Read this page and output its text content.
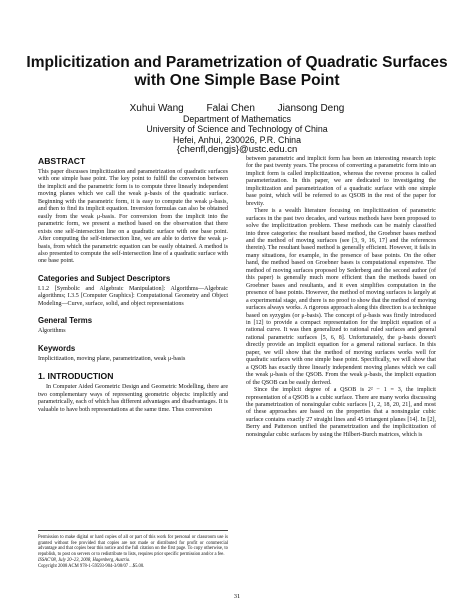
Implicitization and Parametrization of Quadratic Surfaces
with One Simple Base Point
Xuhui Wang Falai Chen Jiansong Deng
Department of Mathematics
University of Science and Technology of China
Hefei, Anhui, 230026, P.R. China
{chenfl,dengjs}@ustc.edu.cn
ABSTRACT

This paper discusses implicitization and parametrization of quadratic surfaces with one simple base point. The key point to fulfill the conversion between the implicit and the parametric form is to compute three linearly independent moving planes which we call the weak μ-basis of the quadratic surface. Beginning with the parametric form, it is easy to compute the weak μ-basis, and then to find its implicit equation. Inversion formulas can also be obtained easily from the weak μ-basis. For conversion from the implicit into the parametric form, we present a method based on the observation that there exists one self-intersection line on a quadratic surface with one base point. After computing the self-intersection line, we are able to derive the weak μ-basis, from which the parametric equation can be easily obtained. A method is also presented to compute the self-intersection line of a quadratic surface with one base point.

Categories and Subject Descriptors

I.1.2 [Symbolic and Algebraic Manipulation]: Algorithms—Algebraic algorithms; I.3.5 [Computer Graphics]: Computational Geometry and Object Modeling—Curve, surface, solid, and object representations

General Terms

Algorithms

Keywords

Implicitization, moving plane, parametrization, weak μ-basis

1. INTRODUCTION

In Computer Aided Geometric Design and Geometric Modelling, there are two complementary ways of representing geometric objects: implicitly and parametrically, each of which has different advantages and disadvantages. It is valuable to have both representations at the same time. Thus conversion

Permission to make digital or hard copies of all or part of this work for personal or classroom use is granted without fee provided that copies are not made or distributed for profit or commercial advantage and that copies bear this notice and the full citation on the first page. To copy otherwise, to republish, to post on servers or to redistribute to lists, requires prior specific permission and/or a fee.

ISSAC'08, July 20–23, 2008, Hagenberg, Austria.

Copyright 2008 ACM 978-1-59593-904-3/08/07 ...$5.00.

between parametric and implicit form has been an interesting research topic for the past twenty years. The process of converting a parametric form into an implicit form is called implicitization, whereas the reverse process is called parameterization. In this paper, we are dedicated to investigating the implicitization and parametrization of a quadratic surface with one simple base point, which will be referred to as QSOB in the rest of the paper for brevity.

There is a wealth literature focusing on implicitization of parametric surfaces in the past two decades, and various methods have been proposed to solve the implicitization problem. These methods can be mainly classified into three categories: the resultant based method, the Groebner bases method and the method of moving surfaces (see [3, 9, 16, 17] and the references therein). The resultant based method is generally efficient. However, it fails in many situations, for example, in the presence of base points. On the other hand, the method based on Groebner bases is computational expensive. The method of moving surfaces proposed by Sederberg and the second author (of this paper) is generally much more efficient than the methods based on Groebner bases and resultants, and it even simplifies computation in the presence of base points. However, the method of moving surfaces is largely at a experimental stage, and there is no proof to show that the method of moving surfaces always works. A rigorous approach along this direction is a technique based on syzygies (or μ-basis). The concept of μ-basis was firstly introduced in [12] to provide a compact representation for the implicit equation of a rational curve. It was then generalized to rational ruled surfaces and general rational parametric surfaces [5, 6, 8]. Unfortunately, the μ-basis doesn't directly provide an implicit equation for a general rational surface. In this paper, we will show that the method of moving surfaces works well for quadratic surfaces with one simple base point. Specifically, we will show that a QSOB has exactly three linearly independent moving planes which we call the weak μ-basis of the QSOB. From the weak μ-basis, the implicit equation of the QSOB can be easily derived.

Since the implicit degree of a QSOB is 2² − 1 = 3, the implicit representation of a QSOB is a cubic surface. There are many works discussing the parametrization of nonsingular cubic surfaces [1, 2, 18, 20, 21], and most of these approaches are based on the properties that a nonsingular cubic surface contains exactly 27 straight lines and 45 tritangent planes [14]. In [2], Berry and Patterson unified the parametrization and the implicitization of nonsingular cubic surfaces by using the Hilbert-Burch matrices, which is

31
